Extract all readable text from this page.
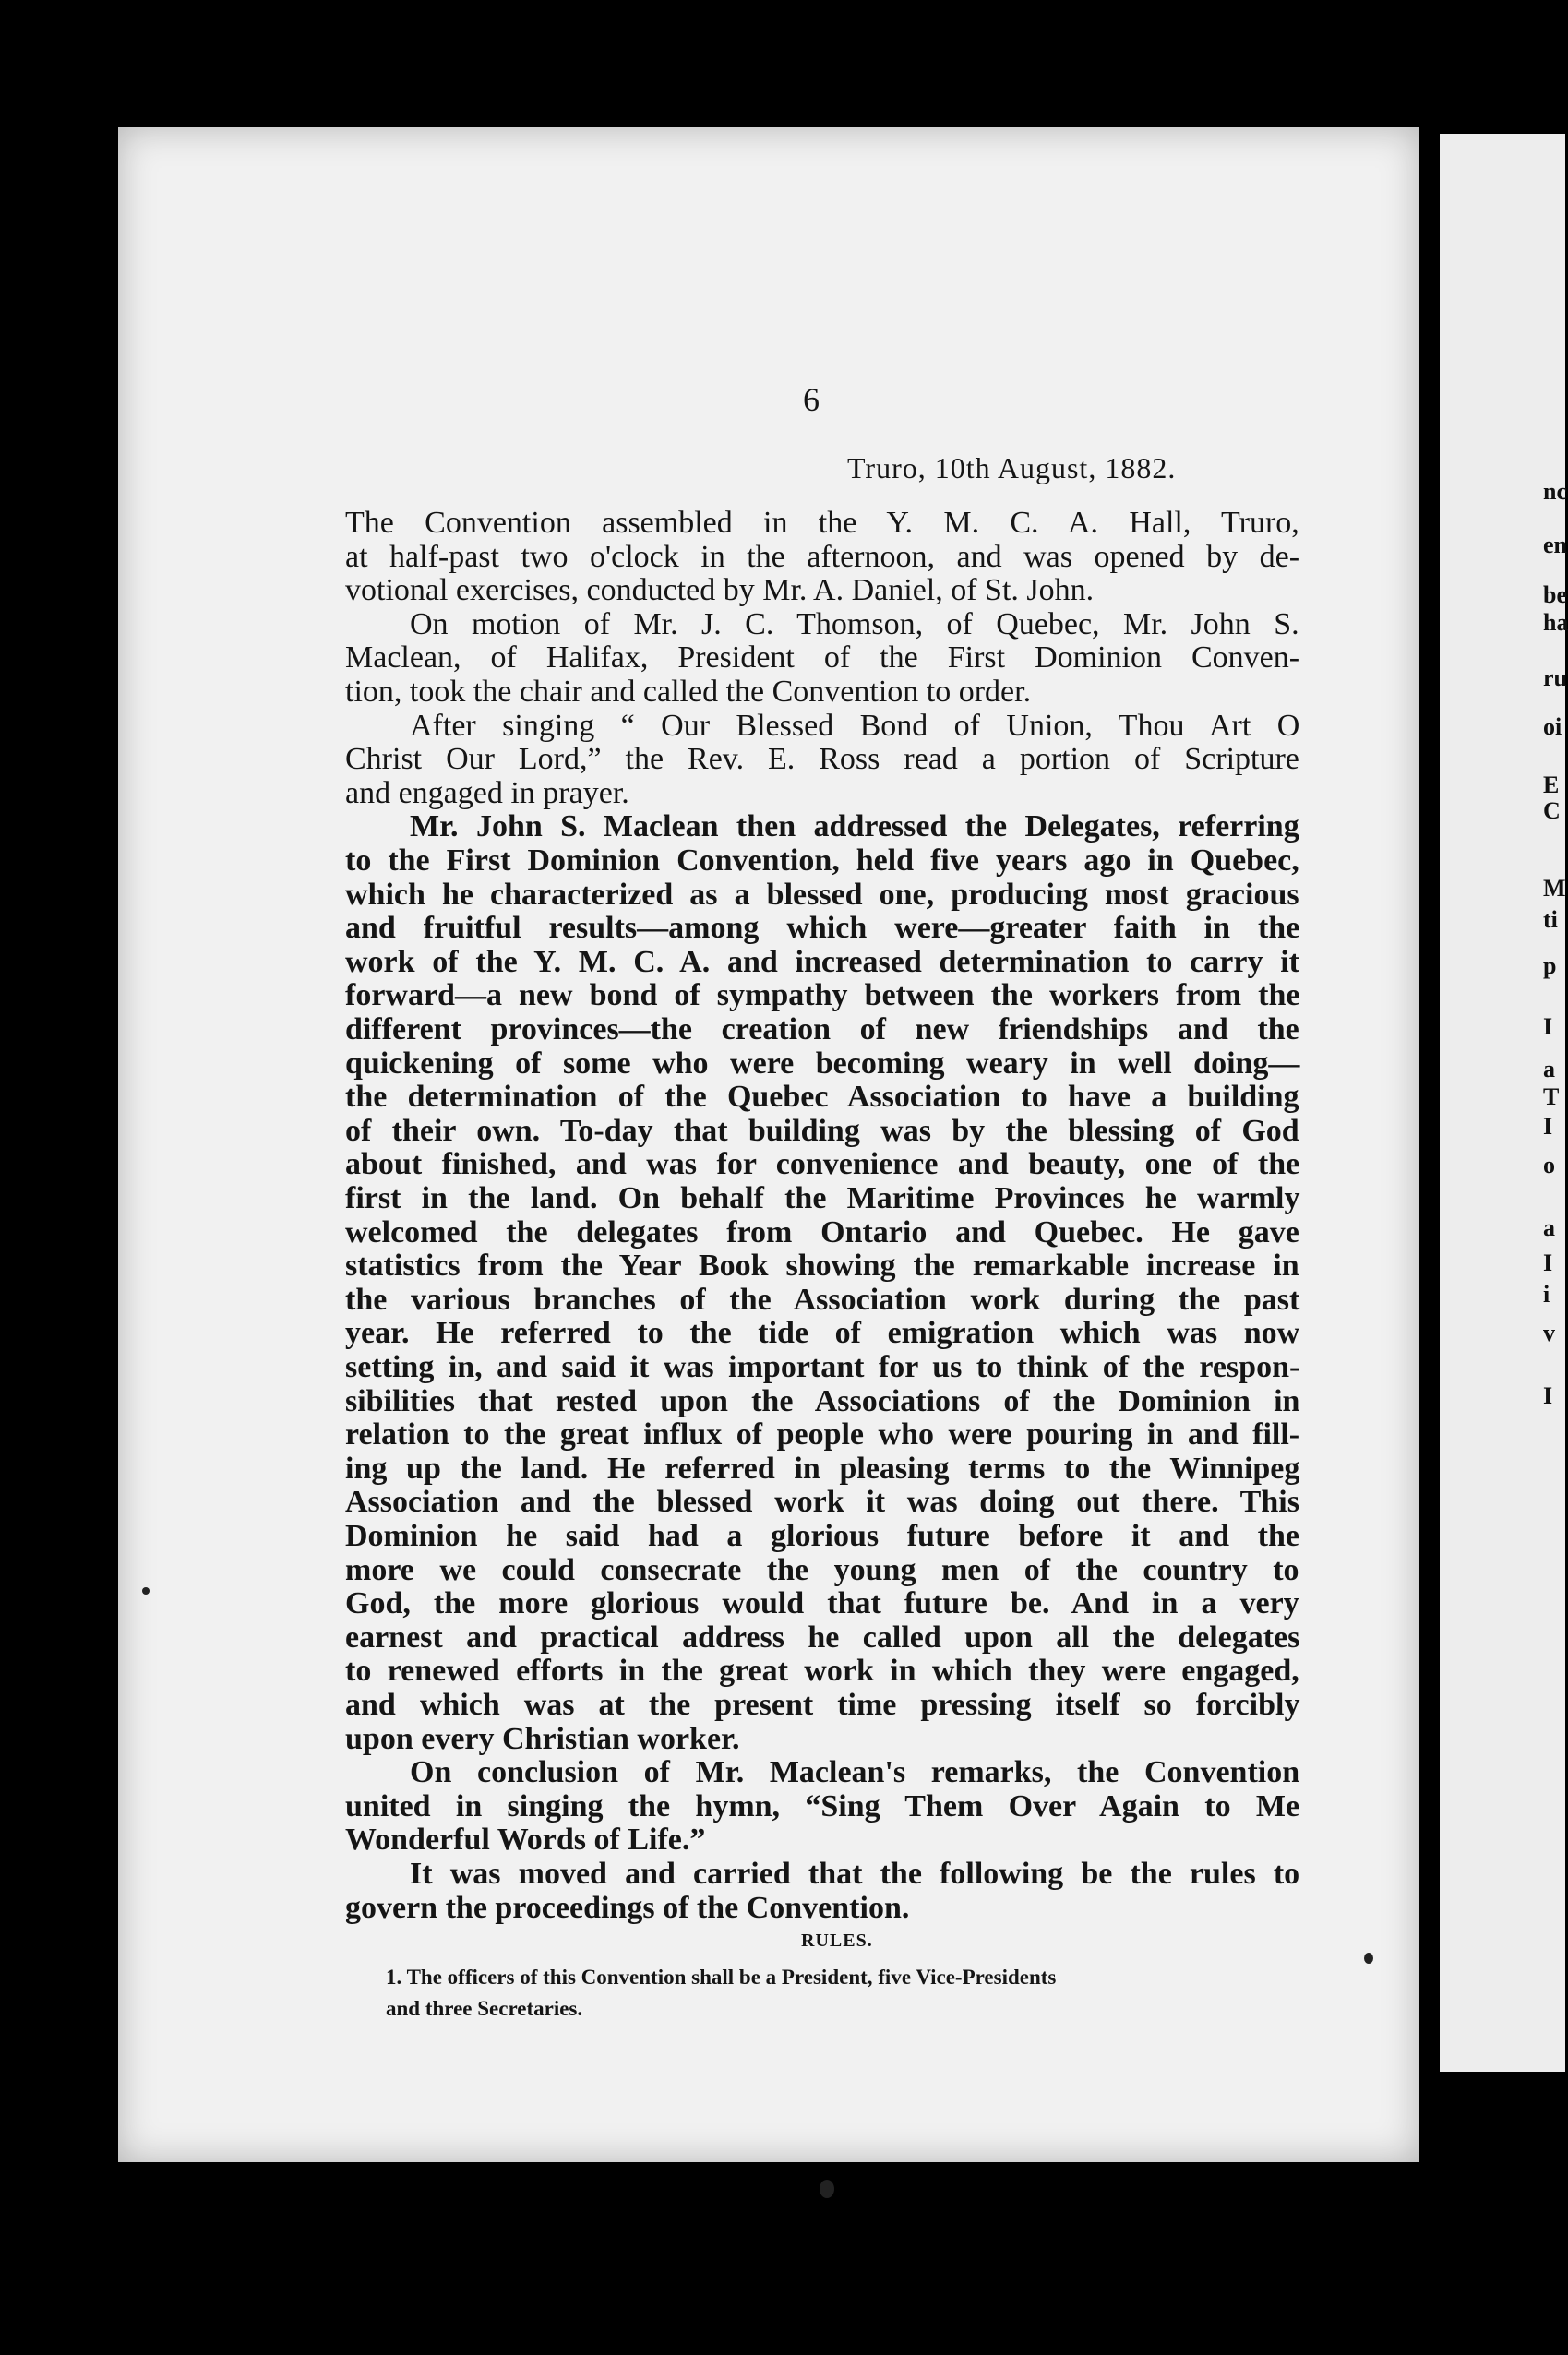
6
Truro, 10th August, 1882.
The Convention assembled in the Y. M. C. A. Hall, Truro,
at half-past two o'clock in the afternoon, and was opened by de-
votional exercises, conducted by Mr. A. Daniel, of St. John.
On motion of Mr. J. C. Thomson, of Quebec, Mr. John S.
Maclean, of Halifax, President of the First Dominion Conven-
tion, took the chair and called the Convention to order.
After singing “ Our Blessed Bond of Union, Thou Art O
Christ Our Lord,” the Rev. E. Ross read a portion of Scripture
and engaged in prayer.
Mr. John S. Maclean then addressed the Delegates, referring
to the First Dominion Convention, held five years ago in Quebec,
which he characterized as a blessed one, producing most gracious
and fruitful results—among which were—greater faith in the
work of the Y. M. C. A. and increased determination to carry it
forward—a new bond of sympathy between the workers from the
different provinces—the creation of new friendships and the
quickening of some who were becoming weary in well doing—
the determination of the Quebec Association to have a building
of their own. To-day that building was by the blessing of God
about finished, and was for convenience and beauty, one of the
first in the land. On behalf the Maritime Provinces he warmly
welcomed the delegates from Ontario and Quebec. He gave
statistics from the Year Book showing the remarkable increase in
the various branches of the Association work during the past
year. He referred to the tide of emigration which was now
setting in, and said it was important for us to think of the respon-
sibilities that rested upon the Associations of the Dominion in
relation to the great influx of people who were pouring in and fill-
ing up the land. He referred in pleasing terms to the Winnipeg
Association and the blessed work it was doing out there. This
Dominion he said had a glorious future before it and the
more we could consecrate the young men of the country to
God, the more glorious would that future be. And in a very
earnest and practical address he called upon all the delegates
to renewed efforts in the great work in which they were engaged,
and which was at the present time pressing itself so forcibly
upon every Christian worker.
On conclusion of Mr. Maclean's remarks, the Convention
united in singing the hymn, “Sing Them Over Again to Me
Wonderful Words of Life.”
It was moved and carried that the following be the rules to
govern the proceedings of the Convention.
RULES.
1. The officers of this Convention shall be a President, five Vice-Presidents
and three Secretaries.
nc
en
be
ha
ru
oi
E
C
M
ti
p
I
a
T
I
o
a
I
i
v
I
